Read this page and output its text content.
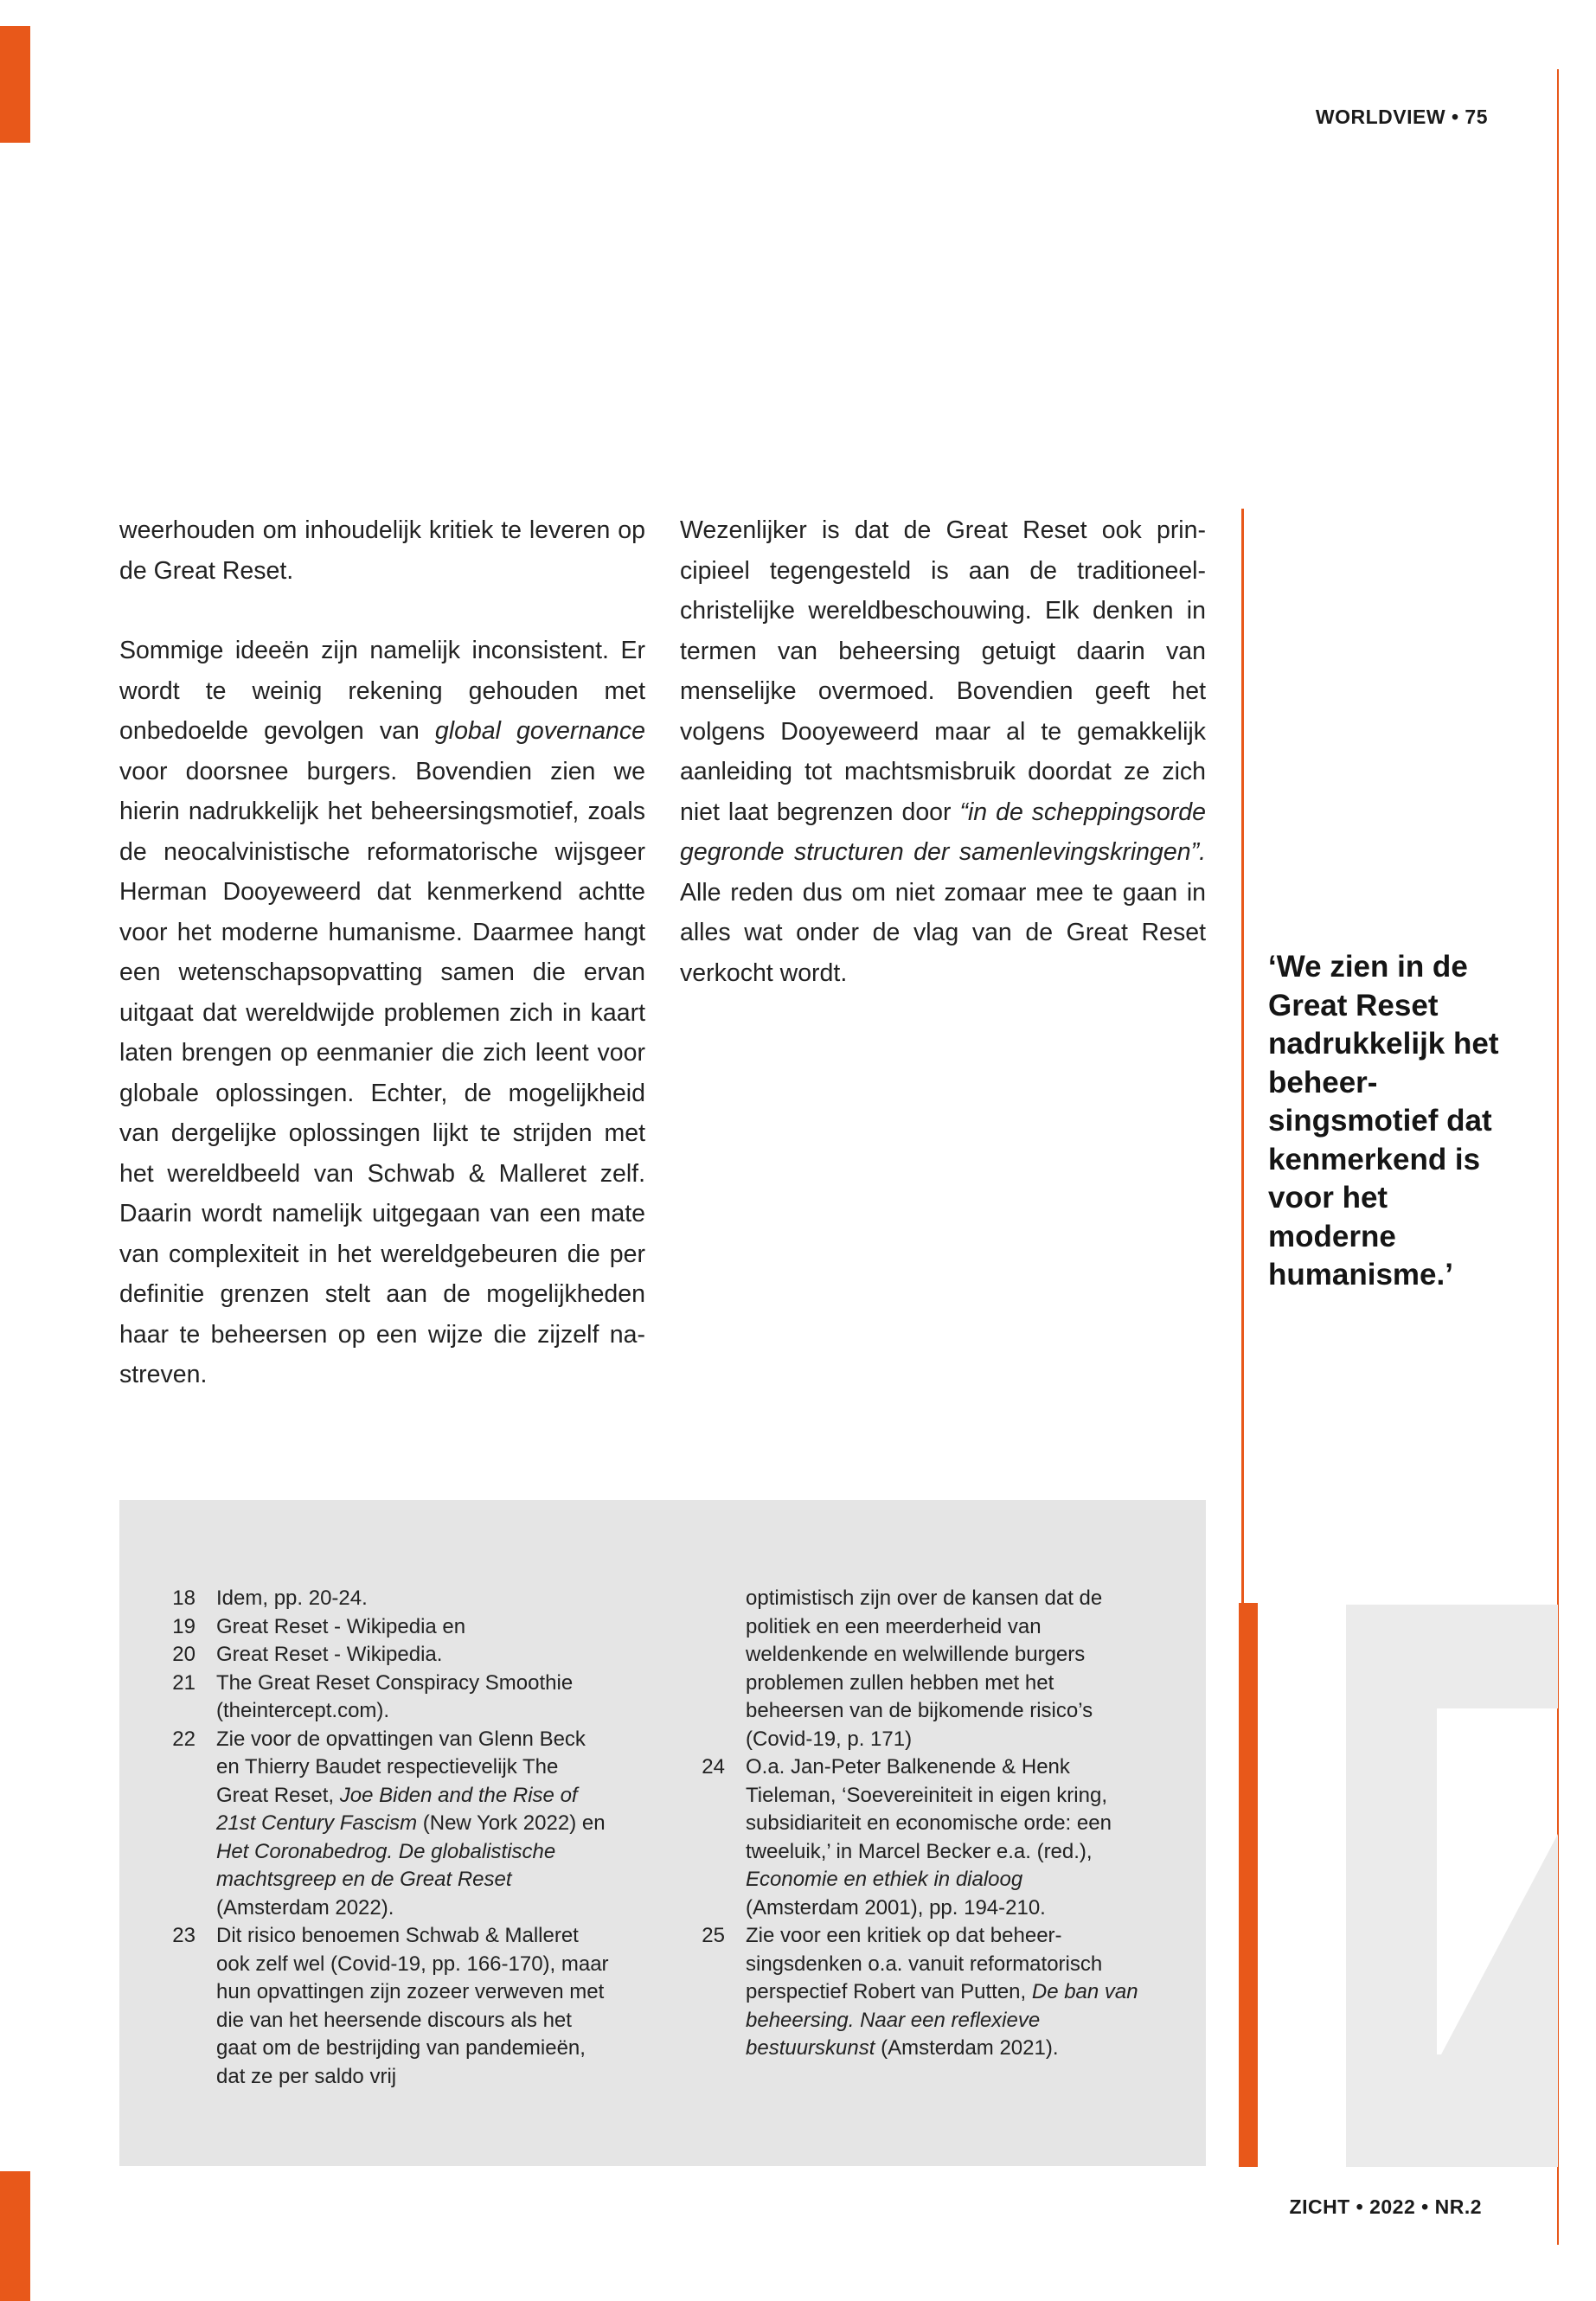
WORLDVIEW • 75

weerhouden om inhoudelijk kritiek te leveren op de Great Reset.

Sommige ideeën zijn namelijk inconsistent. Er wordt te weinig rekening gehouden met onbedoelde gevolgen van global governance voor doorsnee burgers. Bovendien zien we hierin nadrukkelijk het beheersingsmotief, zoals de neocalvinistische reformatorische wijsgeer Herman Dooyeweerd dat kenmerkend achtte voor het moderne humanisme. Daarmee hangt een wetenschapsopvatting samen die ervan uitgaat dat wereldwijde problemen zich in kaart laten brengen op eenmanier die zich leent voor globale oplossingen. Echter, de mogelijkheid van dergelijke oplossingen lijkt te strijden met het wereldbeeld van Schwab & Malleret zelf. Daarin wordt namelijk uitgegaan van een mate van complexiteit in het wereldgebeuren die per definitie grenzen stelt aan de mogelijkheden haar te beheersen op een wijze die zijzelf nastreven.

Wezenlijker is dat de Great Reset ook principieel tegengesteld is aan de traditioneel-christelijke wereldbeschouwing. Elk denken in termen van beheersing getuigt daarin van menselijke overmoed. Bovendien geeft het volgens Dooyeweerd maar al te gemakkelijk aanleiding tot machtsmisbruik doordat ze zich niet laat begrenzen door “in de scheppingsorde gegronde structuren der samenlevingskringen”. Alle reden dus om niet zomaar mee te gaan in alles wat onder de vlag van de Great Reset verkocht wordt.	‘We zien in de Great Reset nadrukkelijk het beheersingsmotief dat kenmerkend is voor het moderne humanisme.’
18 Idem, pp. 20-24.
19 Great Reset - Wikipedia en
20 Great Reset - Wikipedia.
21 The Great Reset Conspiracy Smoothie (theintercept.com).
22 Zie voor de opvattingen van Glenn Beck en Thierry Baudet respectievelijk The Great Reset, Joe Biden and the Rise of 21st Century Fascism (New York 2022) en Het Coronabedrog. De globalistische machtsgreep en de Great Reset (Amsterdam 2022).
23 Dit risico benoemen Schwab & Malleret ook zelf wel (Covid-19, pp. 166-170), maar hun opvattingen zijn zozeer verweven met die van het heersende discours als het gaat om de bestrijding van pandemieën, dat ze per saldo vrij
optimistisch zijn over de kansen dat de politiek en een meerderheid van weldenkende en welwillende burgers problemen zullen hebben met het beheersen van de bijkomende risico’s (Covid-19, p. 171)
24 O.a. Jan-Peter Balkenende & Henk Tieleman, ‘Soevereiniteit in eigen kring, subsidiariteit en economische orde: een tweeluik,’ in Marcel Becker e.a. (red.), Economie en ethiek in dialoog (Amsterdam 2001), pp. 194-210.
25 Zie voor een kritiek op dat beheersingsdenken o.a. vanuit reformatorisch perspectief Robert van Putten, De ban van beheersing. Naar een reflexieve bestuurskunst (Amsterdam 2021).
ZICHT • 2022 • NR.2
